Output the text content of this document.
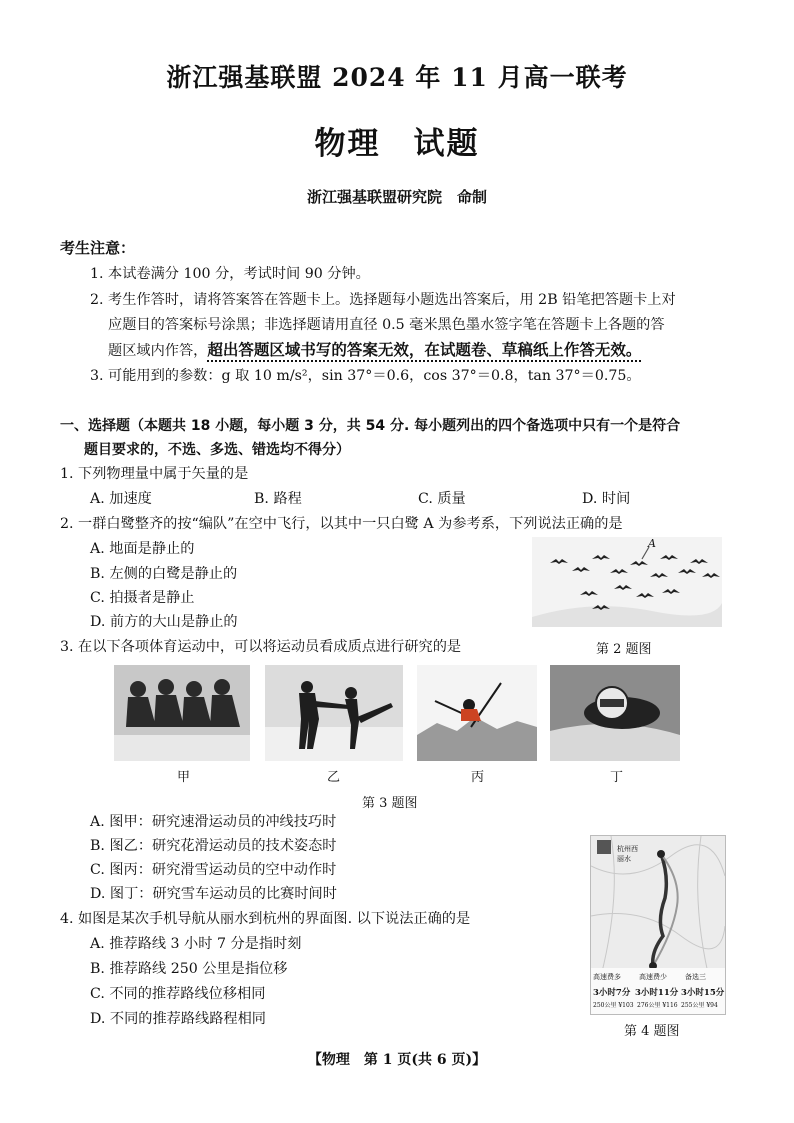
浙江强基联盟 2024 年 11 月高一联考
物理　试题
浙江强基联盟研究院　命制
考生注意：
1. 本试卷满分 100 分，考试时间 90 分钟。
2. 考生作答时，请将答案答在答题卡上。选择题每小题选出答案后，用 2B 铅笔把答题卡上对
应题目的答案标号涂黑；非选择题请用直径 0.5 毫米黑色墨水签字笔在答题卡上各题的答
题区域内作答，超出答题区域书写的答案无效，在试题卷、草稿纸上作答无效。
3. 可能用到的参数：g 取 10 m/s²，sin 37°＝0.6，cos 37°＝0.8，tan 37°＝0.75。
一、选择题（本题共 18 小题，每小题 3 分，共 54 分. 每小题列出的四个备选项中只有一个是符合
题目要求的，不选、多选、错选均不得分）
1. 下列物理量中属于矢量的是
A. 加速度	B. 路程	C. 质量	D. 时间
2. 一群白鹭整齐的按“编队”在空中飞行，以其中一只白鹭 A 为参考系，下列说法正确的是
A. 地面是静止的
B. 左侧的白鹭是静止的
C. 拍摄者是静止
D. 前方的大山是静止的
A
第 2 题图
3. 在以下各项体育运动中，可以将运动员看成质点进行研究的是
甲	乙	丙	丁
第 3 题图
A. 图甲：研究速滑运动员的冲线技巧时
B. 图乙：研究花滑运动员的技术姿态时
C. 图丙：研究滑雪运动员的空中动作时
D. 图丁：研究雪车运动员的比赛时间时
4. 如图是某次手机导航从丽水到杭州的界面图. 以下说法正确的是
A. 推荐路线 3 小时 7 分是指时刻
B. 推荐路线 250 公里是指位移
C. 不同的推荐路线位移相同
D. 不同的推荐路线路程相同
杭州西
丽水
高速费多	高速费少	备选三
3小时7分 3小时11分 3小时15分
250公里 ¥103 276公里 ¥116 255公里 ¥94
第 4 题图
【物理　第 1 页(共 6 页)】
